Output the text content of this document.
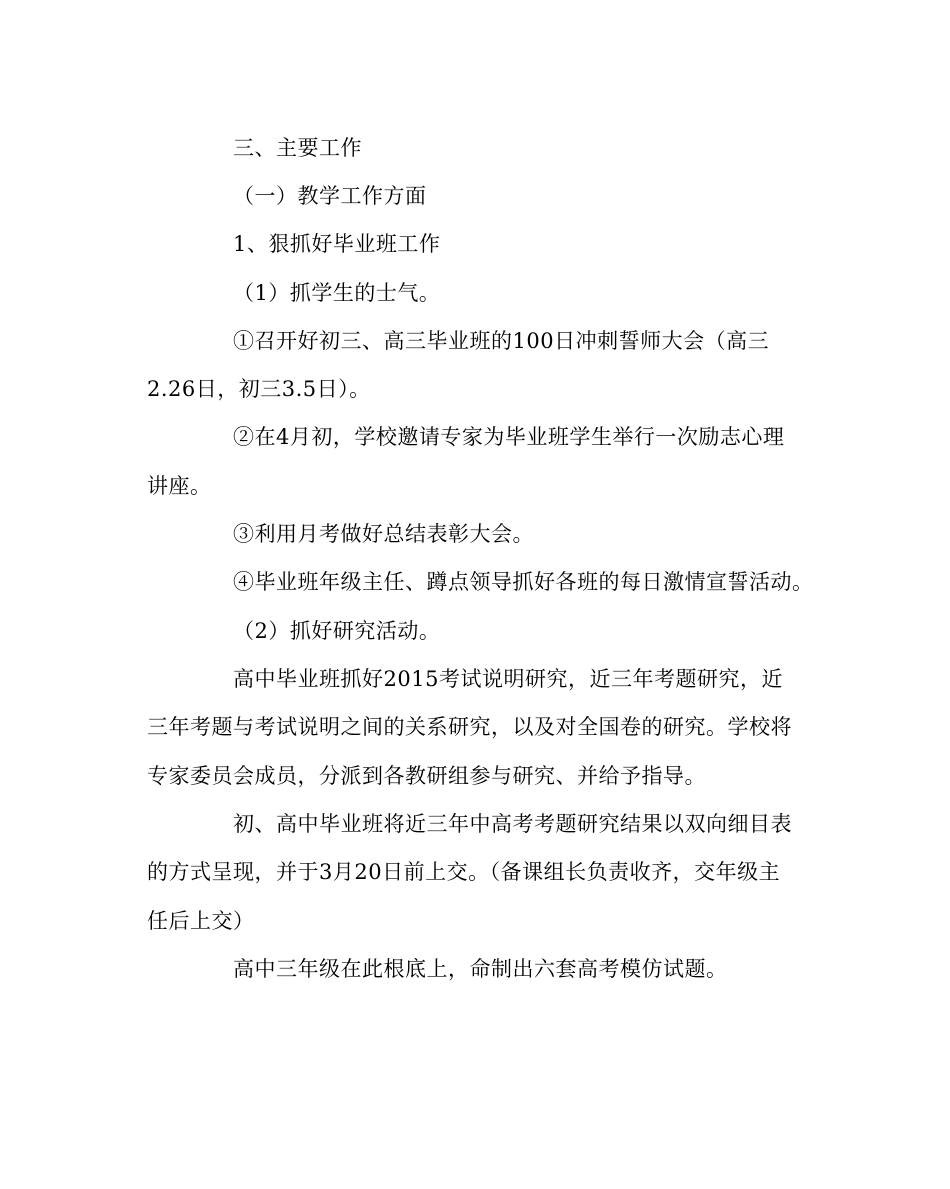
三、主要工作
（一）教学工作方面
1、狠抓好毕业班工作
（1）抓学生的士气。
①召开好初三、高三毕业班的100日冲刺誓师大会（高三
2.26日，初三3.5日）。
②在4月初，学校邀请专家为毕业班学生举行一次励志心理
讲座。
③利用月考做好总结表彰大会。
④毕业班年级主任、蹲点领导抓好各班的每日激情宣誓活动。
（2）抓好研究活动。
高中毕业班抓好2015考试说明研究，近三年考题研究，近
三年考题与考试说明之间的关系研究，以及对全国卷的研究。学校将
专家委员会成员，分派到各教研组参与研究、并给予指导。
初、高中毕业班将近三年中高考考题研究结果以双向细目表
的方式呈现，并于3月20日前上交。（备课组长负责收齐，交年级主
任后上交）
高中三年级在此根底上，命制出六套高考模仿试题。
